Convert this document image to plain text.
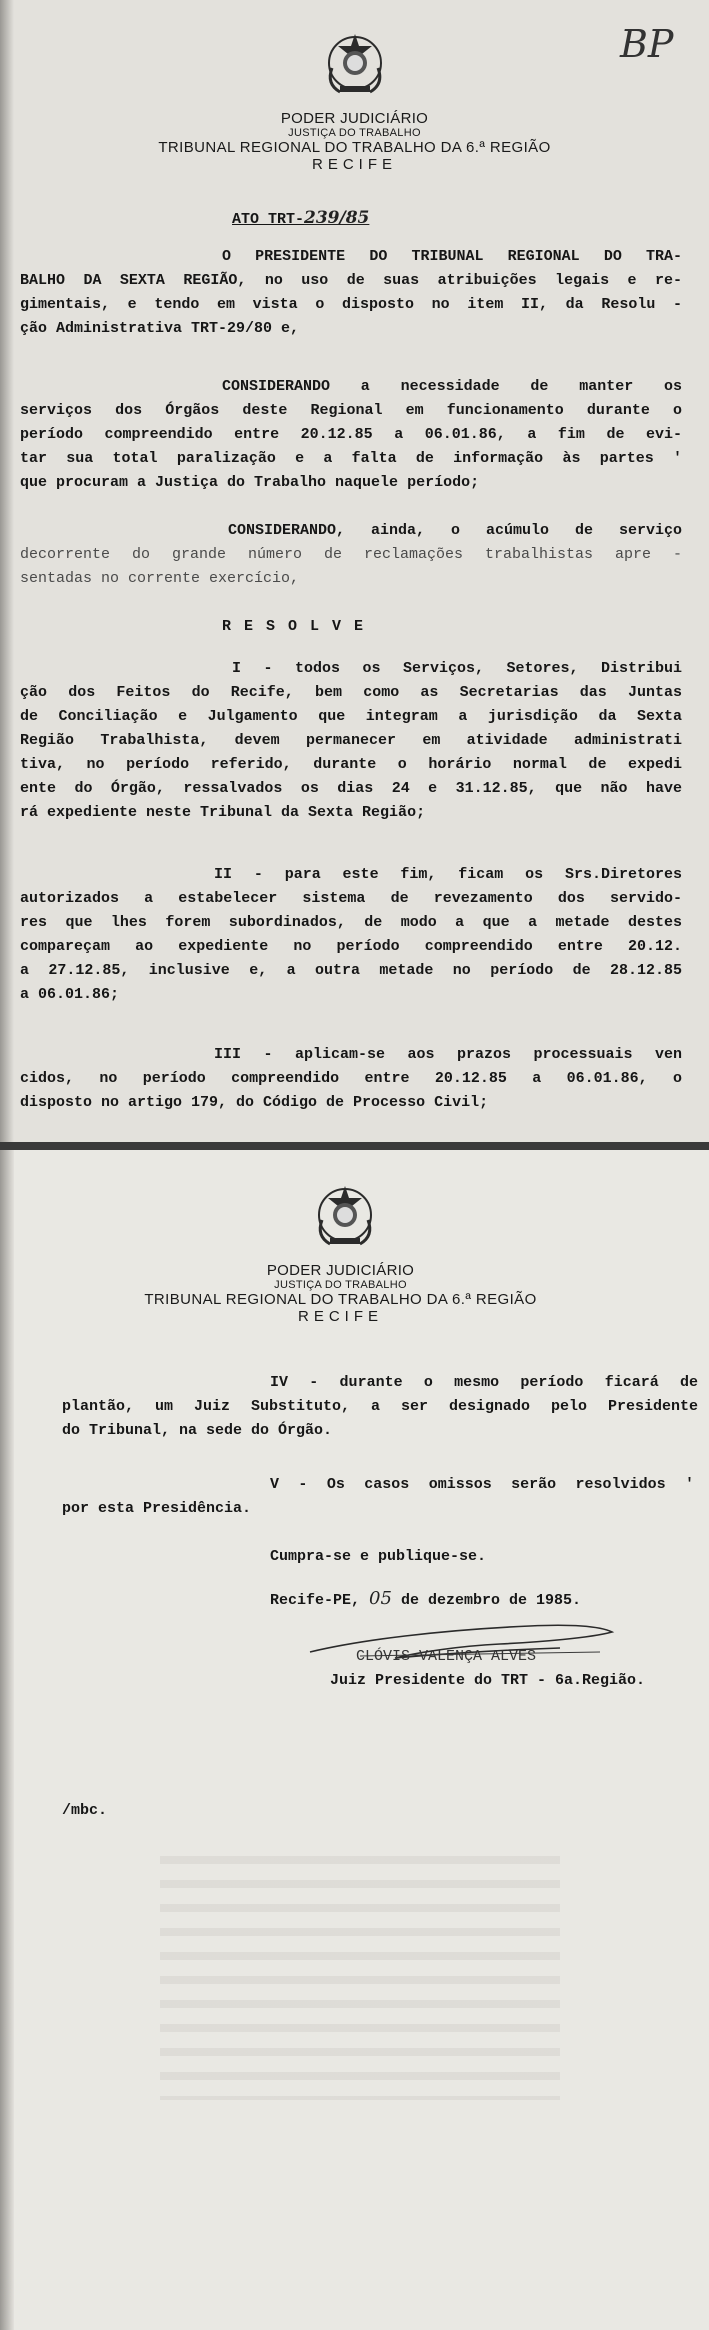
BP
PODER JUDICIÁRIO
JUSTIÇA DO TRABALHO
TRIBUNAL REGIONAL DO TRABALHO DA 6.ª REGIÃO
RECIFE
ATO TRT-239/85
O PRESIDENTE DO TRIBUNAL REGIONAL DO TRA-
BALHO DA SEXTA REGIÃO, no uso de suas atribuições legais e re-
gimentais, e tendo em vista o disposto no item II, da Resolu -
ção Administrativa TRT-29/80 e,
CONSIDERANDO a necessidade de manter os
serviços dos Órgãos deste Regional em funcionamento durante o
período compreendido entre 20.12.85 a 06.01.86, a fim de evi-
tar sua total paralização e a falta de informação às partes '
que procuram a Justiça do Trabalho naquele período;
CONSIDERANDO, ainda, o acúmulo de serviço
decorrente do grande número de reclamações trabalhistas apre -
sentadas no corrente exercício,
R E S O L V E
I - todos os Serviços, Setores, Distribui
ção dos Feitos do Recife, bem como as Secretarias das Juntas
de Conciliação e Julgamento que integram a jurisdição da Sexta
Região Trabalhista, devem permanecer em atividade administrati
tiva, no período referido, durante o horário normal de expedi
ente do Órgão, ressalvados os dias 24 e 31.12.85, que não have
rá expediente neste Tribunal da Sexta Região;
II - para este fim, ficam os Srs.Diretores
autorizados a estabelecer sistema de revezamento dos servido-
res que lhes forem subordinados, de modo a que a metade destes
compareçam ao expediente no período compreendido entre 20.12.
a 27.12.85, inclusive e, a outra metade no período de 28.12.85
a 06.01.86;
III - aplicam-se aos prazos processuais ven
cidos, no período compreendido entre 20.12.85 a 06.01.86, o
disposto no artigo 179, do Código de Processo Civil;
PODER JUDICIÁRIO
JUSTIÇA DO TRABALHO
TRIBUNAL REGIONAL DO TRABALHO DA 6.ª REGIÃO
RECIFE
IV - durante o mesmo período ficará de
plantão, um Juiz Substituto, a ser designado pelo Presidente
do Tribunal, na sede do Órgão.
V - Os casos omissos serão resolvidos '
por esta Presidência.
Cumpra-se e publique-se.
Recife-PE, 05 de dezembro de 1985.
CLÓVIS VALENÇA ALVES
Juiz Presidente do TRT - 6a.Região.
/mbc.
